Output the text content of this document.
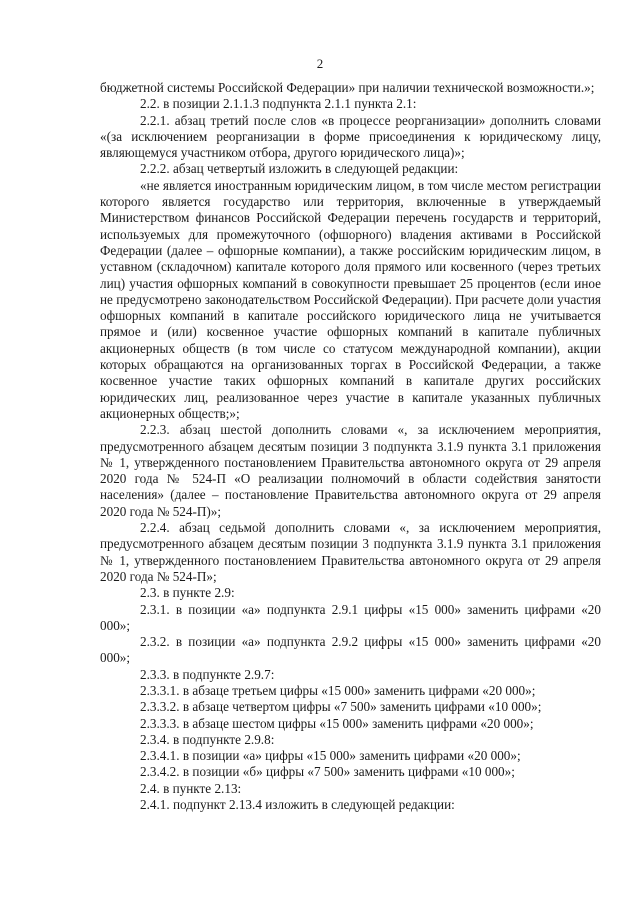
2

бюджетной системы Российской Федерации» при наличии технической возможности.»;

2.2. в позиции 2.1.1.3 подпункта 2.1.1 пункта 2.1:

2.2.1. абзац третий после слов «в процессе реорганизации» дополнить словами «(за исключением реорганизации в форме присоединения к юридическому лицу, являющемуся участником отбора, другого юридического лица)»;

2.2.2. абзац четвертый изложить в следующей редакции:

«не является иностранным юридическим лицом, в том числе местом регистрации которого является государство или территория, включенные в утверждаемый Министерством финансов Российской Федерации перечень государств и территорий, используемых для промежуточного (офшорного) владения активами в Российской Федерации (далее – офшорные компании), а также российским юридическим лицом, в уставном (складочном) капитале которого доля прямого или косвенного (через третьих лиц) участия офшорных компаний в совокупности превышает 25 процентов (если иное не предусмотрено законодательством Российской Федерации). При расчете доли участия офшорных компаний в капитале российского юридического лица не учитывается прямое и (или) косвенное участие офшорных компаний в капитале публичных акционерных обществ (в том числе со статусом международной компании), акции которых обращаются на организованных торгах в Российской Федерации, а также косвенное участие таких офшорных компаний в капитале других российских юридических лиц, реализованное через участие в капитале указанных публичных акционерных обществ;»;

2.2.3. абзац шестой дополнить словами «, за исключением мероприятия, предусмотренного абзацем десятым позиции 3 подпункта 3.1.9 пункта 3.1 приложения № 1, утвержденного постановлением Правительства автономного округа от 29 апреля 2020 года № 524-П «О реализации полномочий в области содействия занятости населения» (далее – постановление Правительства автономного округа от 29 апреля 2020 года № 524-П)»;

2.2.4. абзац седьмой дополнить словами «, за исключением мероприятия, предусмотренного абзацем десятым позиции 3 подпункта 3.1.9 пункта 3.1 приложения № 1, утвержденного постановлением Правительства автономного округа от 29 апреля 2020 года № 524-П»;

2.3. в пункте 2.9:

2.3.1. в позиции «а» подпункта 2.9.1 цифры «15 000» заменить цифрами «20 000»;

2.3.2. в позиции «а» подпункта 2.9.2 цифры «15 000» заменить цифрами «20 000»;

2.3.3. в подпункте 2.9.7:

2.3.3.1. в абзаце третьем цифры «15 000» заменить цифрами «20 000»;

2.3.3.2. в абзаце четвертом цифры «7 500» заменить цифрами «10 000»;

2.3.3.3. в абзаце шестом цифры «15 000» заменить цифрами «20 000»;

2.3.4. в подпункте 2.9.8:

2.3.4.1. в позиции «а» цифры «15 000» заменить цифрами «20 000»;

2.3.4.2. в позиции «б» цифры «7 500» заменить цифрами «10 000»;

2.4. в пункте 2.13:

2.4.1. подпункт 2.13.4 изложить в следующей редакции:
